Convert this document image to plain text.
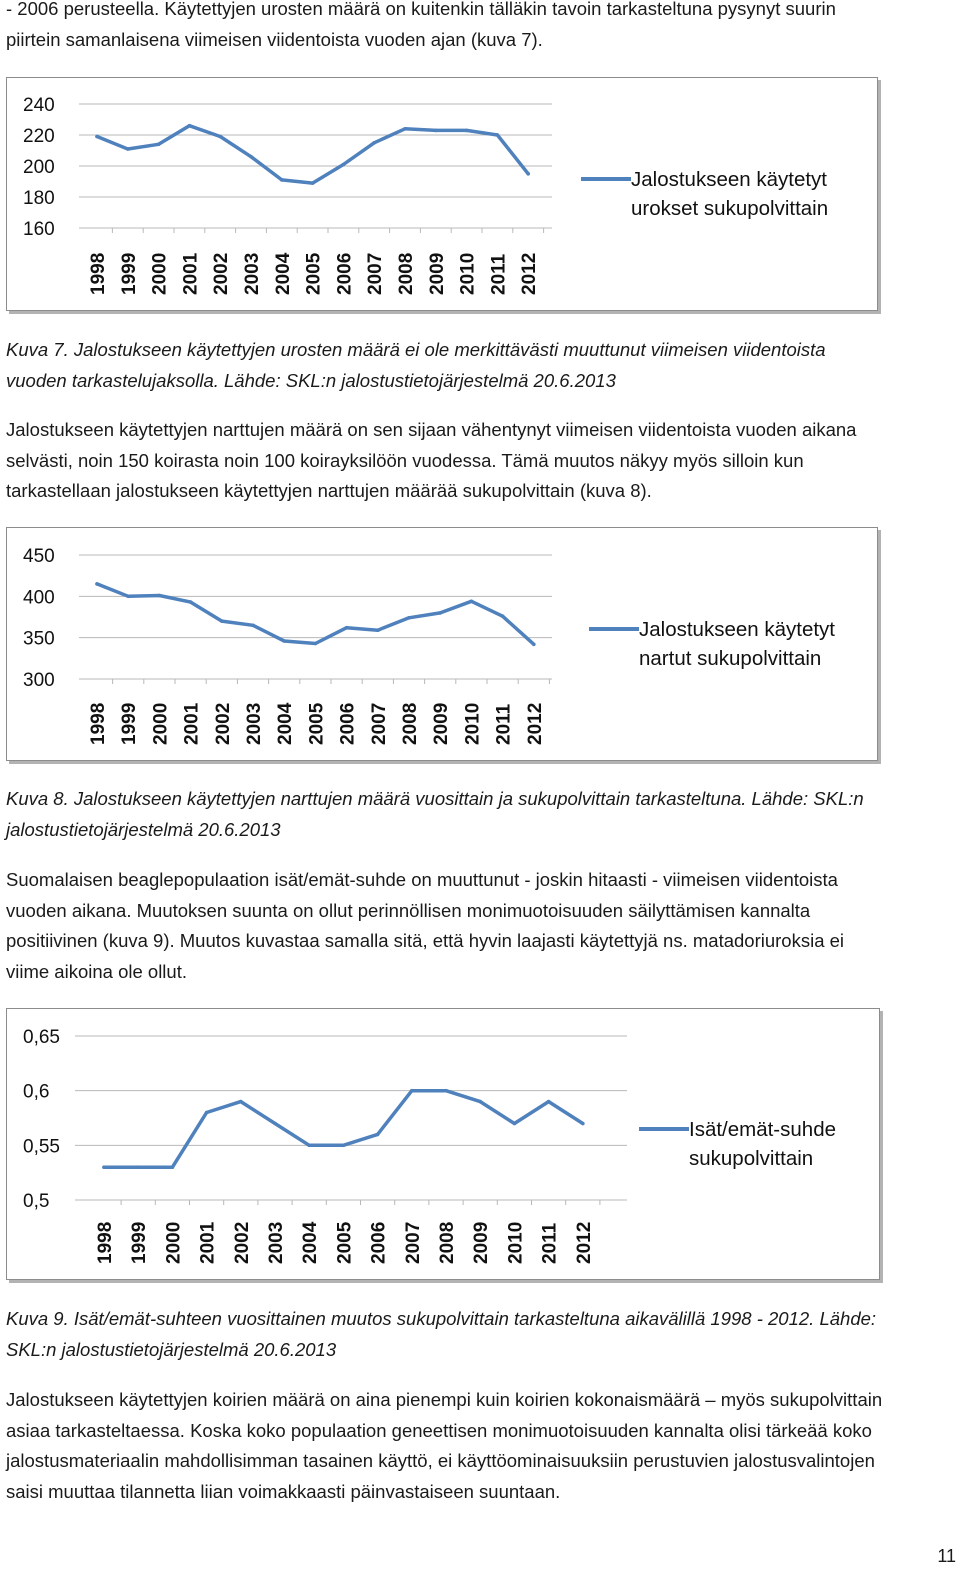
- 2006 perusteella. Käytettyjen urosten määrä on kuitenkin tälläkin tavoin tarkasteltuna pysynyt suurin
piirtein samanlaisena viimeisen viidentoista vuoden ajan (kuva 7).
240
220
200
180
160
1998 1999 2000 2001 2002 2003 2004 2005 2006 2007 2008 2009 2010 2011 2012
Jalostukseen käytetyt
urokset sukupolvittain
Kuva 7. Jalostukseen käytettyjen urosten määrä ei ole merkittävästi muuttunut viimeisen viidentoista
vuoden tarkastelujaksolla. Lähde: SKL:n jalostustietojärjestelmä 20.6.2013
Jalostukseen käytettyjen narttujen määrä on sen sijaan vähentynyt viimeisen viidentoista vuoden aikana
selvästi, noin 150 koirasta noin 100 koirayksilöön vuodessa. Tämä muutos näkyy myös silloin kun
tarkastellaan jalostukseen käytettyjen narttujen määrää sukupolvittain (kuva 8).
450
400
350
300
1998 1999 2000 2001 2002 2003 2004 2005 2006 2007 2008 2009 2010 2011 2012
Jalostukseen käytetyt
nartut sukupolvittain
Kuva 8. Jalostukseen käytettyjen narttujen määrä vuosittain ja sukupolvittain tarkasteltuna. Lähde: SKL:n
jalostustietojärjestelmä 20.6.2013
Suomalaisen beaglepopulaation isät/emät-suhde on muuttunut - joskin hitaasti - viimeisen viidentoista
vuoden aikana. Muutoksen suunta on ollut perinnöllisen monimuotoisuuden säilyttämisen kannalta
positiivinen (kuva 9). Muutos kuvastaa samalla sitä, että hyvin laajasti käytettyjä ns. matadoriuroksia ei
viime aikoina ole ollut.
0,65
0,6
0,55
0,5
1998 1999 2000 2001 2002 2003 2004 2005 2006 2007 2008 2009 2010 2011 2012
Isät/emät-suhde
sukupolvittain
Kuva 9. Isät/emät-suhteen vuosittainen muutos sukupolvittain tarkasteltuna aikavälillä 1998 - 2012. Lähde:
SKL:n jalostustietojärjestelmä 20.6.2013
Jalostukseen käytettyjen koirien määrä on aina pienempi kuin koirien kokonaismäärä – myös sukupolvittain
asiaa tarkasteltaessa. Koska koko populaation geneettisen monimuotoisuuden kannalta olisi tärkeää koko
jalostusmateriaalin mahdollisimman tasainen käyttö, ei käyttöominaisuuksiin perustuvien jalostusvalintojen
saisi muuttaa tilannetta liian voimakkaasti päinvastaiseen suuntaan.
11
